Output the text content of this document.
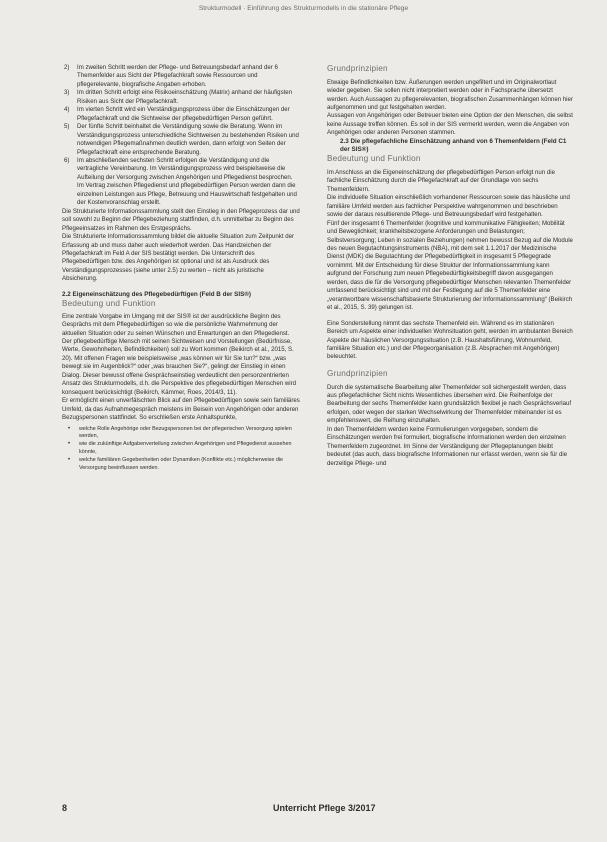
Strukturmodell · Einführung des Strukturmodells in die stationäre Pflege
2) Im zweiten Schritt werden der Pflege- und Betreuungsbedarf anhand der 6 Themenfelder aus Sicht der Pflegefachkraft sowie Ressourcen und pflegerelevante, biografische Angaben erhoben.

3) Im dritten Schritt erfolgt eine Risikoeinschätzung (Matrix) anhand der häufigsten Risiken aus Sicht der Pflegefachkraft.

4) Im vierten Schritt wird ein Verständigungsprozess über die Einschätzungen der Pflegefachkraft und die Sichtweise der pflegebedürftigen Person geführt.

5) Der fünfte Schritt beinhaltet die Verständigung sowie die Beratung. Wenn im Verständigungsprozess unterschiedliche Sichtweisen zu bestehenden Risiken und notwendigen Pflegemaßnahmen deutlich werden, dann erfolgt von Seiten der Pflegefachkraft eine entsprechende Beratung.

6) Im abschließenden sechsten Schritt erfolgen die Verständigung und die vertragliche Vereinbarung. Im Verständigungsprozess wird beispielsweise die Aufteilung der Versorgung zwischen Angehörigen und Pflegedienst besprochen. Im Vertrag zwischen Pflegedienst und pflegebedürftigen Person werden dann die einzelnen Leistungen aus Pflege, Betreuung und Hauswirtschaft festgehalten und der Kostenvoranschlag erstellt.

Die Strukturierte Informationssammlung stellt den Einstieg in den Pflegeprozess dar und soll sowohl zu Beginn der Pflegebeziehung stattfinden, d.h. unmittelbar zu Beginn des Pflegeeinsatzes im Rahmen des Erstgesprächs.

Die Strukturierte Informationssammlung bildet die aktuelle Situation zum Zeitpunkt der Erfassung ab und muss daher auch wiederholt werden. Das Handzeichen der Pflegefachkraft im Feld A der SIS bestätigt werden. Die Unterschrift des Pflegebedürftigen bzw. des Angehörigen ist optional und ist als Ausdruck des Verständigungsprozesses (siehe unter 2.5) zu werten – nicht als juristische Absicherung.

2.2 Eigeneinschätzung des Pflegebedürftigen (Feld B der SIS®)

Bedeutung und Funktion

Eine zentrale Vorgabe im Umgang mit der SIS® ist der ausdrückliche Beginn des Gesprächs mit dem Pflegebedürftigen so wie die persönliche Wahrnehmung der aktuellen Situation oder zu seinen Wünschen und Erwartungen an den Pflegedienst. Der pflegebedürftige Mensch mit seinen Sichtweisen und Vorstellungen (Bedürfnisse, Werte, Gewohnheiten, Befindlichkeiten) soll zu Wort kommen (Beikirch et al., 2015, S. 20). Mit offenen Fragen wie beispielsweise „was können wir für Sie tun?“ bzw. „was bewegt sie im Augenblick?“ oder „was brauchen Sie?“, gelingt der Einstieg in einen Dialog. Dieser bewusst offene Gesprächseinstieg verdeutlicht den personzentrierten Ansatz des Strukturmodells, d.h. die Perspektive des pflegebedürftigen Menschen wird konsequent berücksichtigt (Beikirch, Kämmer, Roes, 2014/3, 11).

Er ermöglicht einen unverfälschten Blick auf den Pflegebedürftigen sowie sein familiäres Umfeld, da das Aufnahmegespräch meistens im Beisein von Angehörigen oder anderen Bezugspersonen stattfindet. So erschließen erste Anhaltspunkte,

• welche Rolle Angehörige oder Bezugspersonen bei der pflegerischen Versorgung spielen werden,
• wie die zukünftige Aufgabenverteilung zwischen Angehörigen und Pflegedienst aussehen könnte,
• welche familiären Gegebenheiten oder Dynamiken (Konflikte etc.) möglicherweise die Versorgung beeinflussen werden.

Grundprinzipien

Etwaige Befindlichkeiten bzw. Äußerungen werden ungefiltert und im Originalwortlaut wieder gegeben. Sie sollen nicht interpretiert werden oder in Fachsprache übersetzt werden. Auch Aussagen zu pflegerelevanten, biografischen Zusammenhängen können hier aufgenommen und gut festgehalten werden.

Aussagen von Angehörigen oder Betreuer bieten eine Option der den Menschen, die selbst keine Aussage treffen können. Es soll in der SIS vermerkt werden, wenn die Angaben von Angehörigen oder anderen Personen stammen.

2.3 Die pflegefachliche Einschätzung anhand von 6 Themenfeldern (Feld C1 der SIS®)

Bedeutung und Funktion

Im Anschluss an die Eigeneinschätzung der pflegebedürftigen Person erfolgt nun die fachliche Einschätzung durch die Pflegefachkraft auf der Grundlage von sechs Themenfeldern.

Die individuelle Situation einschließlich vorhandener Ressourcen sowie das häusliche und familiäre Umfeld werden aus fachlicher Perspektive wahrgenommen und beschrieben sowie der daraus resultierende Pflege- und Betreuungsbedarf wird festgehalten.

Fünf der insgesamt 6 Themenfelder (kognitive und kommunikative Fähigkeiten; Mobilität und Beweglichkeit; krankheitsbezogene Anforderungen und Belastungen; Selbstversorgung; Leben in sozialen Beziehungen) nehmen bewusst Bezug auf die Module des neuen Begutachtungsinstruments (NBA), mit dem seit 1.1.2017 der Medizinische Dienst (MDK) die Begutachtung der Pflegebedürftigkeit in insgesamt 5 Pflegegrade vornimmt. Mit der Entscheidung für diese Struktur der Informationssammlung kann aufgrund der Forschung zum neuen Pflegebedürftigkeitsbegriff davon ausgegangen werden, dass die für die Versorgung pflegebedürftiger Menschen relevanten Themenfelder umfassend berücksichtigt sind und mit der Festlegung auf die 5 Themenfelder eine „verantwortbare wissenschaftsbasierte Strukturierung der Informationssammlung“ (Beikirch et al., 2015, S. 39) gelungen ist.

Eine Sonderstellung nimmt das sechste Themenfeld ein. Während es im stationären Bereich um Aspekte einer individuellen Wohnsituation geht, werden im ambulanten Bereich Aspekte der häuslichen Versorgungssituation (z.B. Haushaltsführung, Wohnumfeld, familiäre Situation etc.) und der Pflegeorganisation (z.B. Absprachen mit Angehörigen) beleuchtet.

Grundprinzipien

Durch die systematische Bearbeitung aller Themenfelder soll sichergestellt werden, dass aus pflegefachlicher Sicht nichts Wesentliches übersehen wird. Die Reihenfolge der Bearbeitung der sechs Themenfelder kann grundsätzlich flexibel je nach Gesprächsverlauf erfolgen, oder wegen der starken Wechselwirkung der Themenfelder miteinander ist es empfehlenswert, die Reihung einzuhalten.

In den Themenfeldern werden keine Formulierungen vorgegeben, sondern die Einschätzungen werden frei formuliert, biografische Informationen werden den einzelnen Themenfeldern zugeordnet. Im Sinne der Verständigung der Pflegeplanungen bleibt bedeutet (das auch, dass biografische Informationen nur erfasst werden, wenn sie für die derzeitige Pflege- und

8	Unterricht Pflege 3/2017
